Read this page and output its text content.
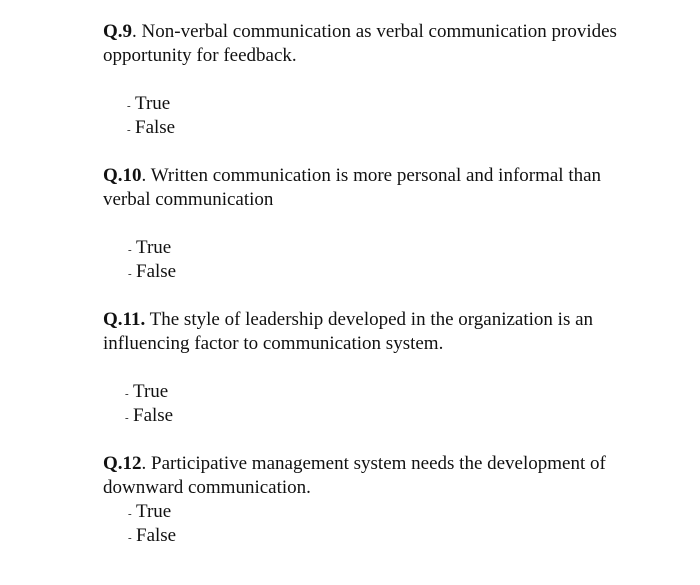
Q.9. Non-verbal communication as verbal communication provides opportunity for feedback.

- True
- False

Q.10. Written communication is more personal and informal than verbal communication

- True
- False

Q.11. The style of leadership developed in the organization is an influencing factor to communication system.

- True
- False

Q.12. Participative management system needs the development of downward communication.

- True
- False
